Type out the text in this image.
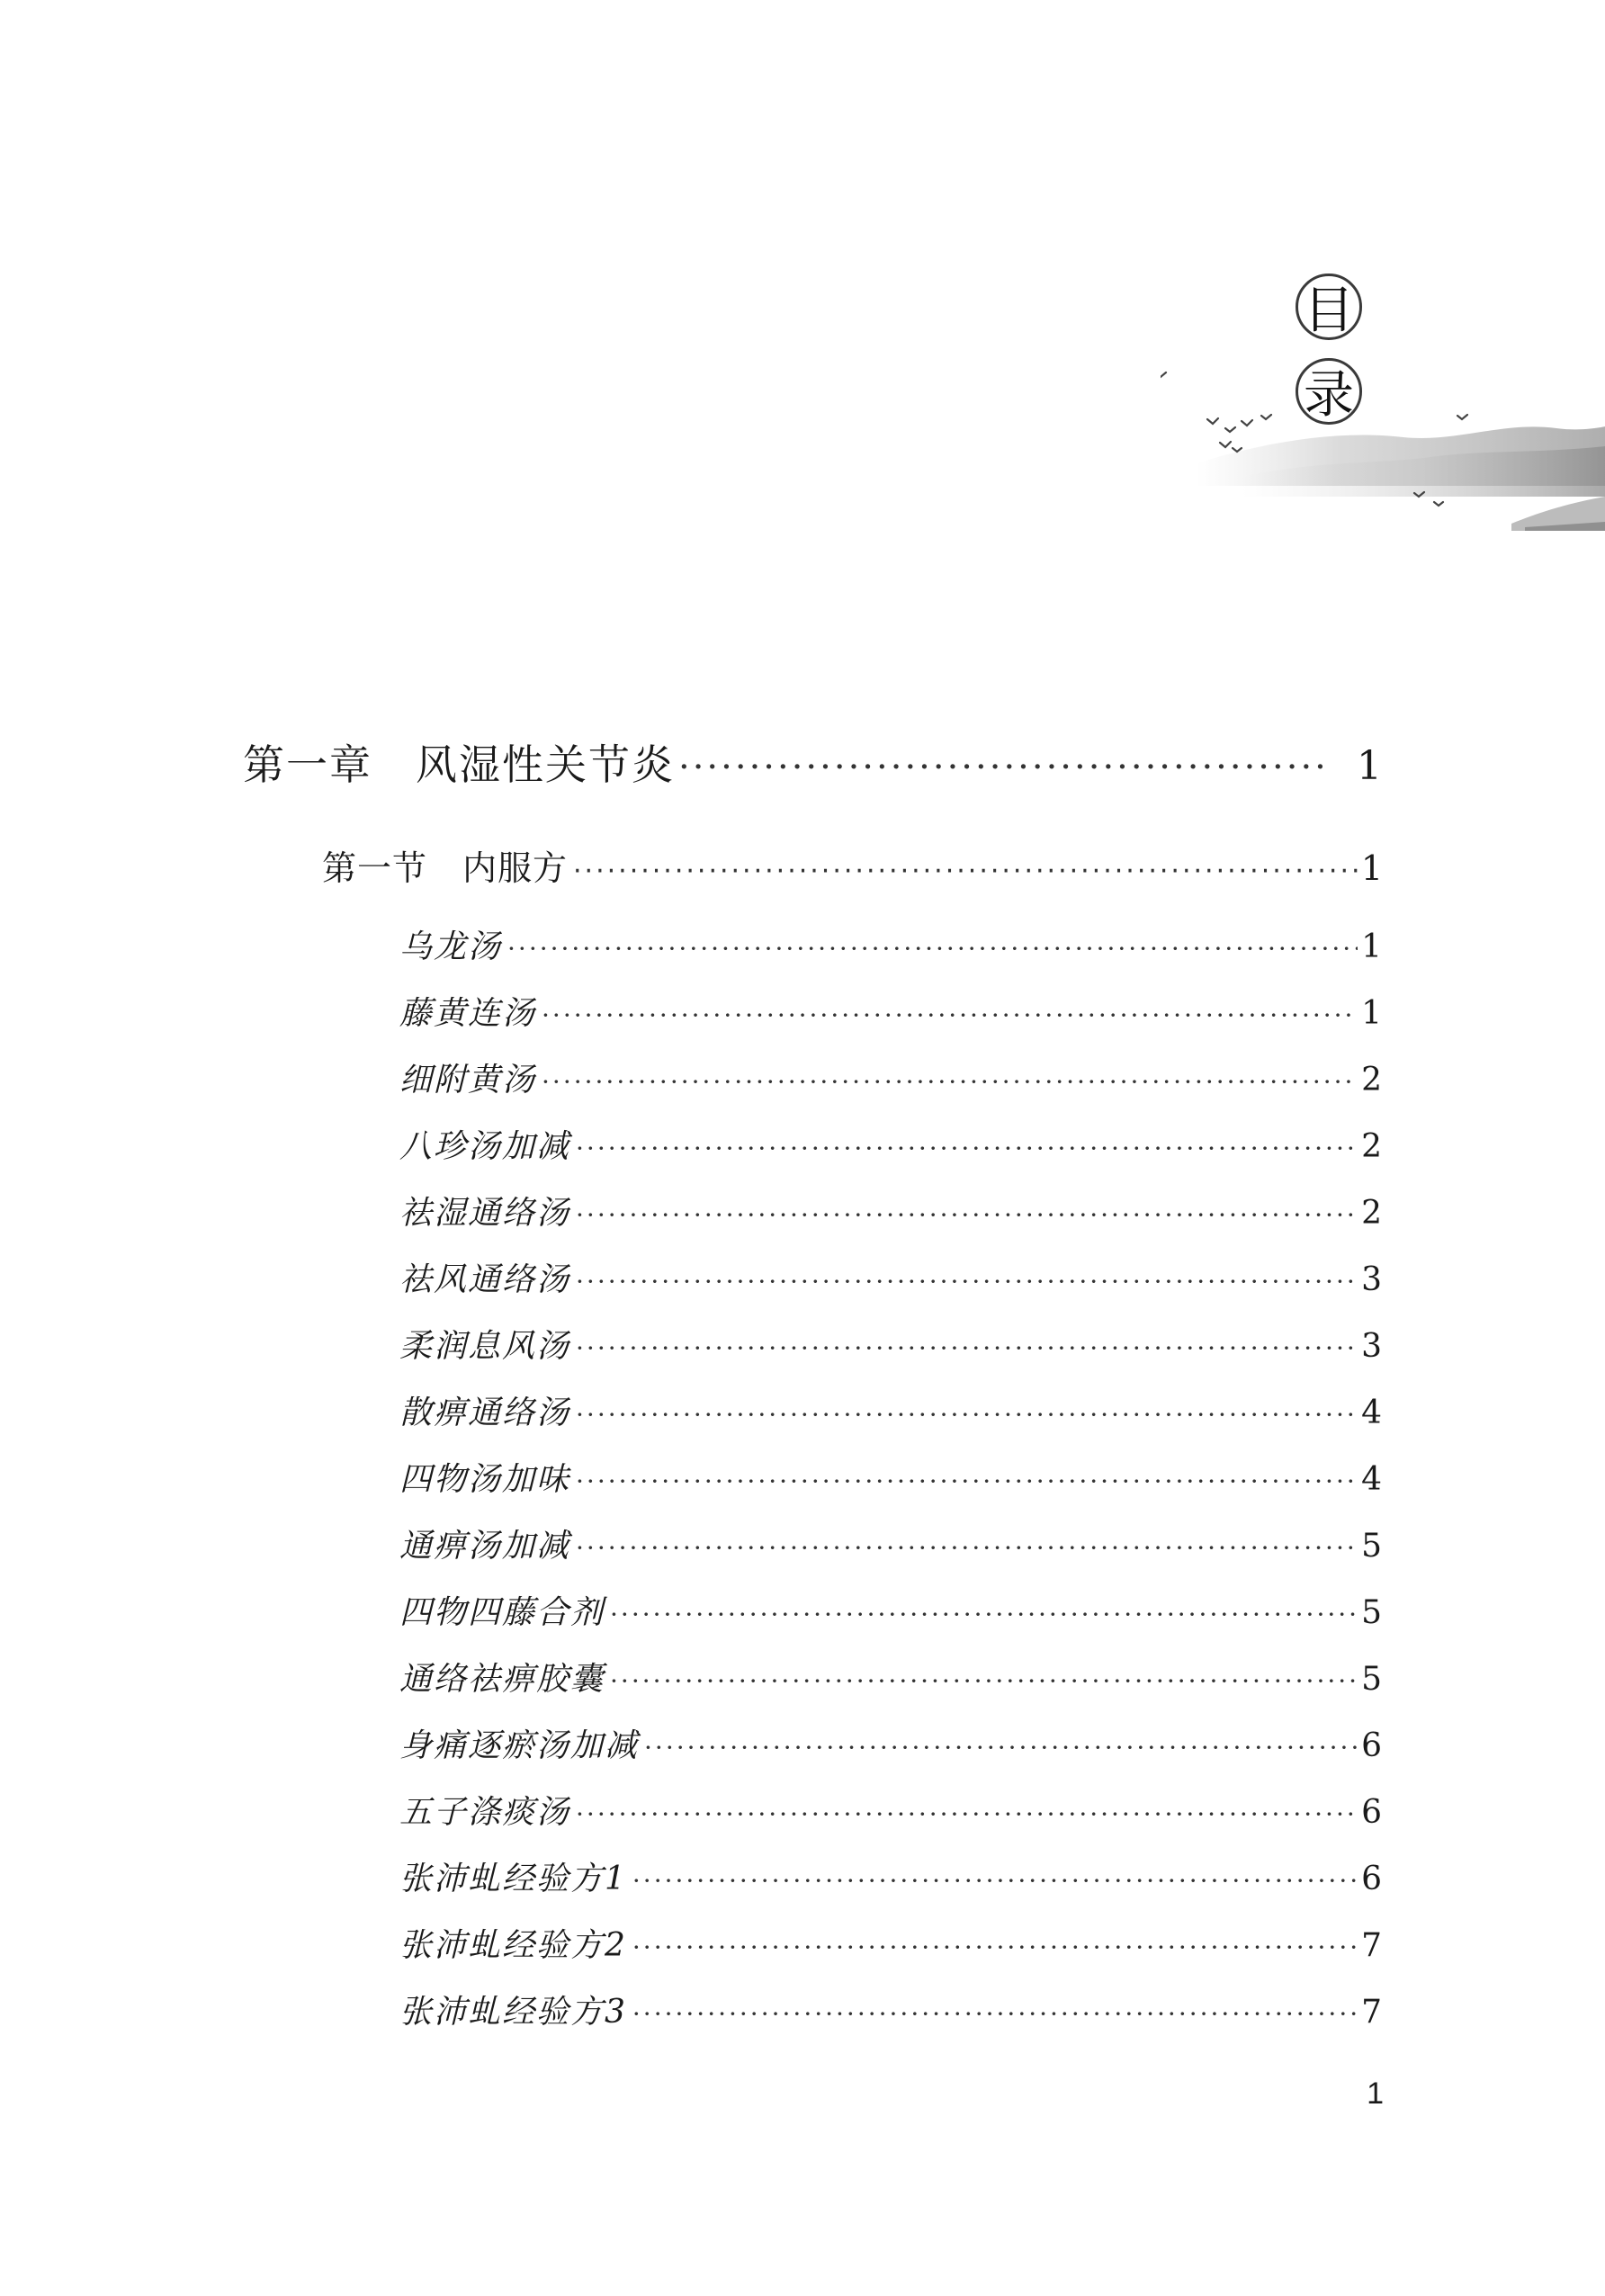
目
录
第一章　风湿性关节炎 ·····	1
第一节　内服方 ·····	1
乌龙汤 ·····	1
藤黄连汤 ·····	1
细附黄汤 ·····	2
八珍汤加减 ·····	2
祛湿通络汤 ·····	2
祛风通络汤 ·····	3
柔润息风汤 ·····	3
散痹通络汤 ·····	4
四物汤加味 ·····	4
通痹汤加减 ·····	5
四物四藤合剂 ·····	5
通络祛痹胶囊 ·····	5
身痛逐瘀汤加减 ·····	6
五子涤痰汤 ·····	6
张沛虬经验方1 ·····	6
张沛虬经验方2 ·····	7
张沛虬经验方3 ·····	7
1
